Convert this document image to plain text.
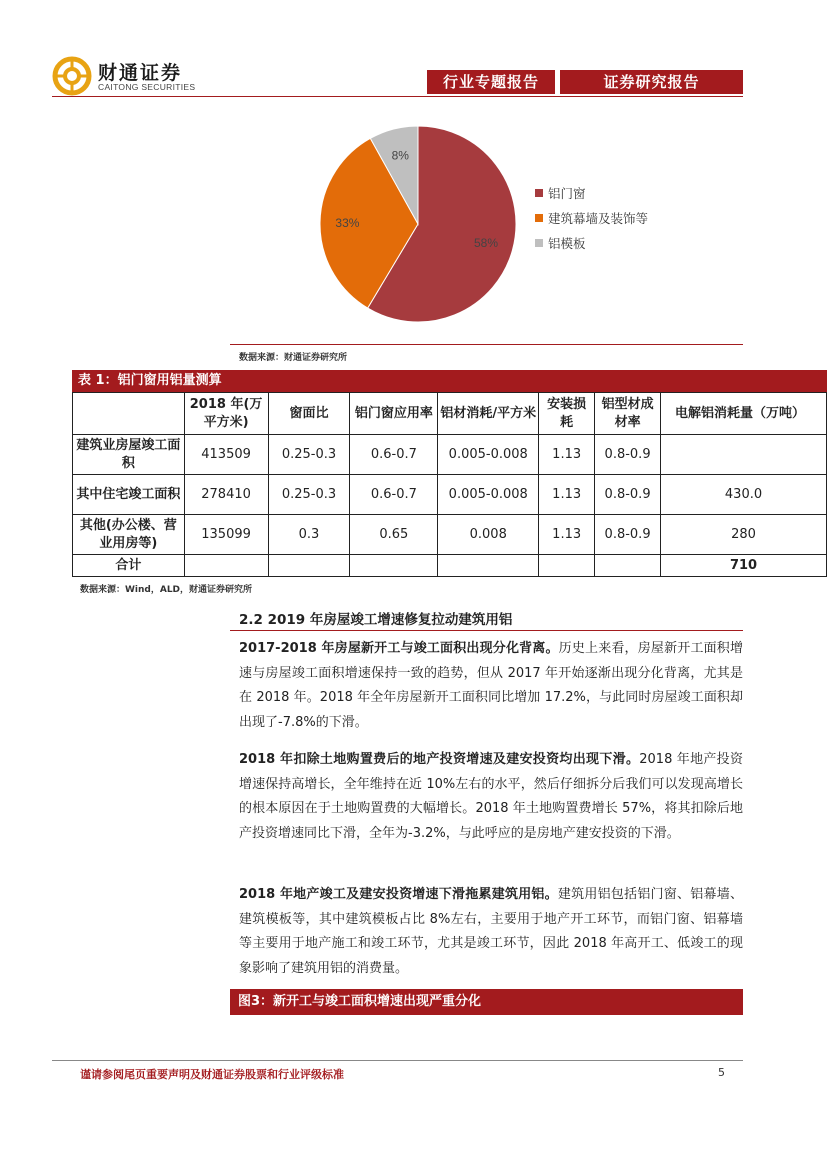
财通证券
CAITONG SECURITIES	行业专题报告	证券研究报告
58%
33%
8%
铝门窗
建筑幕墙及装饰等
铝模板
数据来源：财通证券研究所
表 1：铝门窗用铝量测算
	2018 年(万平方米)	窗面比	铝门窗应用率	铝材消耗/平方米	安装损耗	铝型材成材率	电解铝消耗量（万吨）
建筑业房屋竣工面积	413509	0.25-0.3	0.6-0.7	0.005-0.008	1.13	0.8-0.9	
其中住宅竣工面积	278410	0.25-0.3	0.6-0.7	0.005-0.008	1.13	0.8-0.9	430.0
其他(办公楼、营业用房等)	135099	0.3	0.65	0.008	1.13	0.8-0.9	280
合计							710
数据来源：Wind，ALD，财通证券研究所
2.2 2019 年房屋竣工增速修复拉动建筑用铝

2017-2018 年房屋新开工与竣工面积出现分化背离。历史上来看，房屋新开工面积增速与房屋竣工面积增速保持一致的趋势，但从 2017 年开始逐渐出现分化背离，尤其是在 2018 年。2018 年全年房屋新开工面积同比增加 17.2%，与此同时房屋竣工面积却出现了-7.8%的下滑。

2018 年扣除土地购置费后的地产投资增速及建安投资均出现下滑。2018 年地产投资增速保持高增长，全年维持在近 10%左右的水平，然后仔细拆分后我们可以发现高增长的根本原因在于土地购置费的大幅增长。2018 年土地购置费增长 57%，将其扣除后地产投资增速同比下滑，全年为-3.2%，与此呼应的是房地产建安投资的下滑。

2018 年地产竣工及建安投资增速下滑拖累建筑用铝。建筑用铝包括铝门窗、铝幕墙、建筑模板等，其中建筑模板占比 8%左右，主要用于地产开工环节，而铝门窗、铝幕墙等主要用于地产施工和竣工环节，尤其是竣工环节，因此 2018 年高开工、低竣工的现象影响了建筑用铝的消费量。

图3：新开工与竣工面积增速出现严重分化
谨请参阅尾页重要声明及财通证券股票和行业评级标准	5
